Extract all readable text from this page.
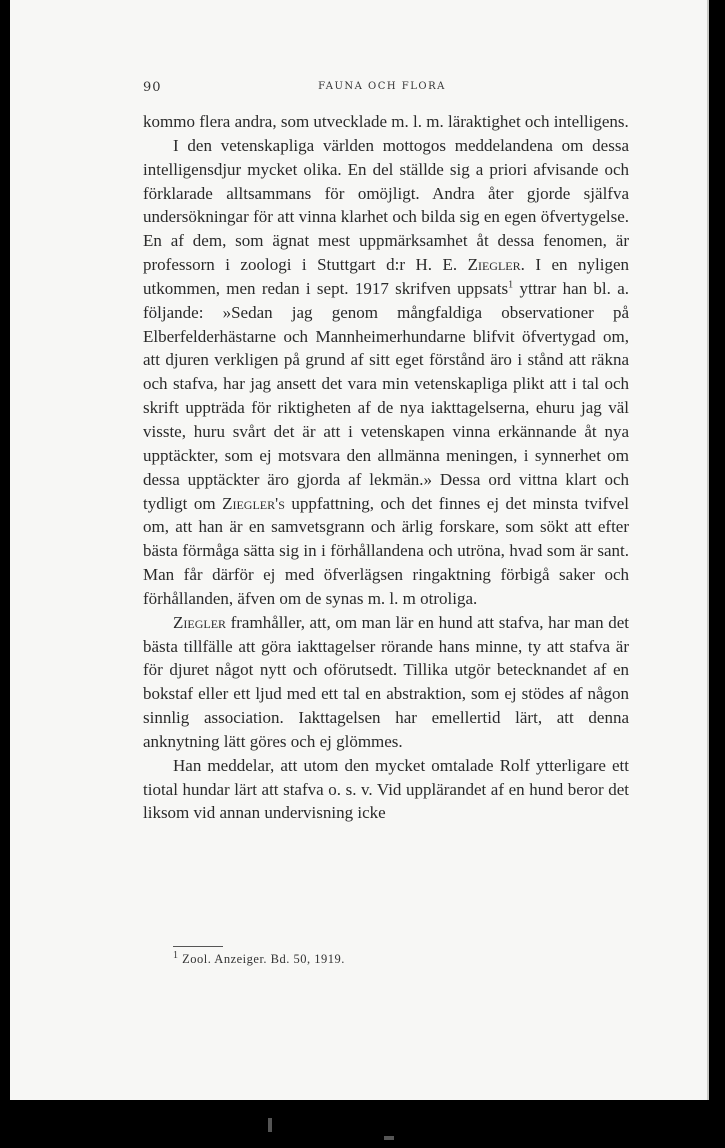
90	FAUNA OCH FLORA

kommo flera andra, som utvecklade m. l. m. läraktighet och intelligens.

I den vetenskapliga världen mottogos meddelandena om dessa intelligensdjur mycket olika. En del ställde sig a priori afvisande och förklarade alltsammans för omöjligt. Andra åter gjorde själfva undersökningar för att vinna klarhet och bilda sig en egen öfvertygelse. En af dem, som ägnat mest uppmärksamhet åt dessa fenomen, är professorn i zoologi i Stuttgart d:r H. E. Ziegler. I en nyligen utkommen, men redan i sept. 1917 skrifven uppsats$^1$ yttrar han bl. a. följande: »Sedan jag genom mångfaldiga observationer på Elberfelderhästarne och Mannheimerhundarne blifvit öfvertygad om, att djuren verkligen på grund af sitt eget förstånd äro i stånd att räkna och stafva, har jag ansett det vara min vetenskapliga plikt att i tal och skrift uppträda för riktigheten af de nya iakttagelserna, ehuru jag väl visste, huru svårt det är att i vetenskapen vinna erkännande åt nya upptäckter, som ej motsvara den allmänna meningen, i synnerhet om dessa upptäckter äro gjorda af lekmän.» Dessa ord vittna klart och tydligt om Ziegler's uppfattning, och det finnes ej det minsta tvifvel om, att han är en samvetsgrann och ärlig forskare, som sökt att efter bästa förmåga sätta sig in i förhållandena och utröna, hvad som är sant. Man får därför ej med öfverlägsen ringaktning förbigå saker och förhållanden, äfven om de synas m. l. m otroliga.

Ziegler framhåller, att, om man lär en hund att stafva, har man det bästa tillfälle att göra iakttagelser rörande hans minne, ty att stafva är för djuret något nytt och oförutsedt. Tillika utgör betecknandet af en bokstaf eller ett ljud med ett tal en abstraktion, som ej stödes af någon sinnlig association. Iakttagelsen har emellertid lärt, att denna anknytning lätt göres och ej glömmes.

Han meddelar, att utom den mycket omtalade Rolf ytterligare ett tiotal hundar lärt att stafva o. s. v. Vid upplärandet af en hund beror det liksom vid annan undervisning icke

$^1$ Zool. Anzeiger. Bd. 50, 1919.
